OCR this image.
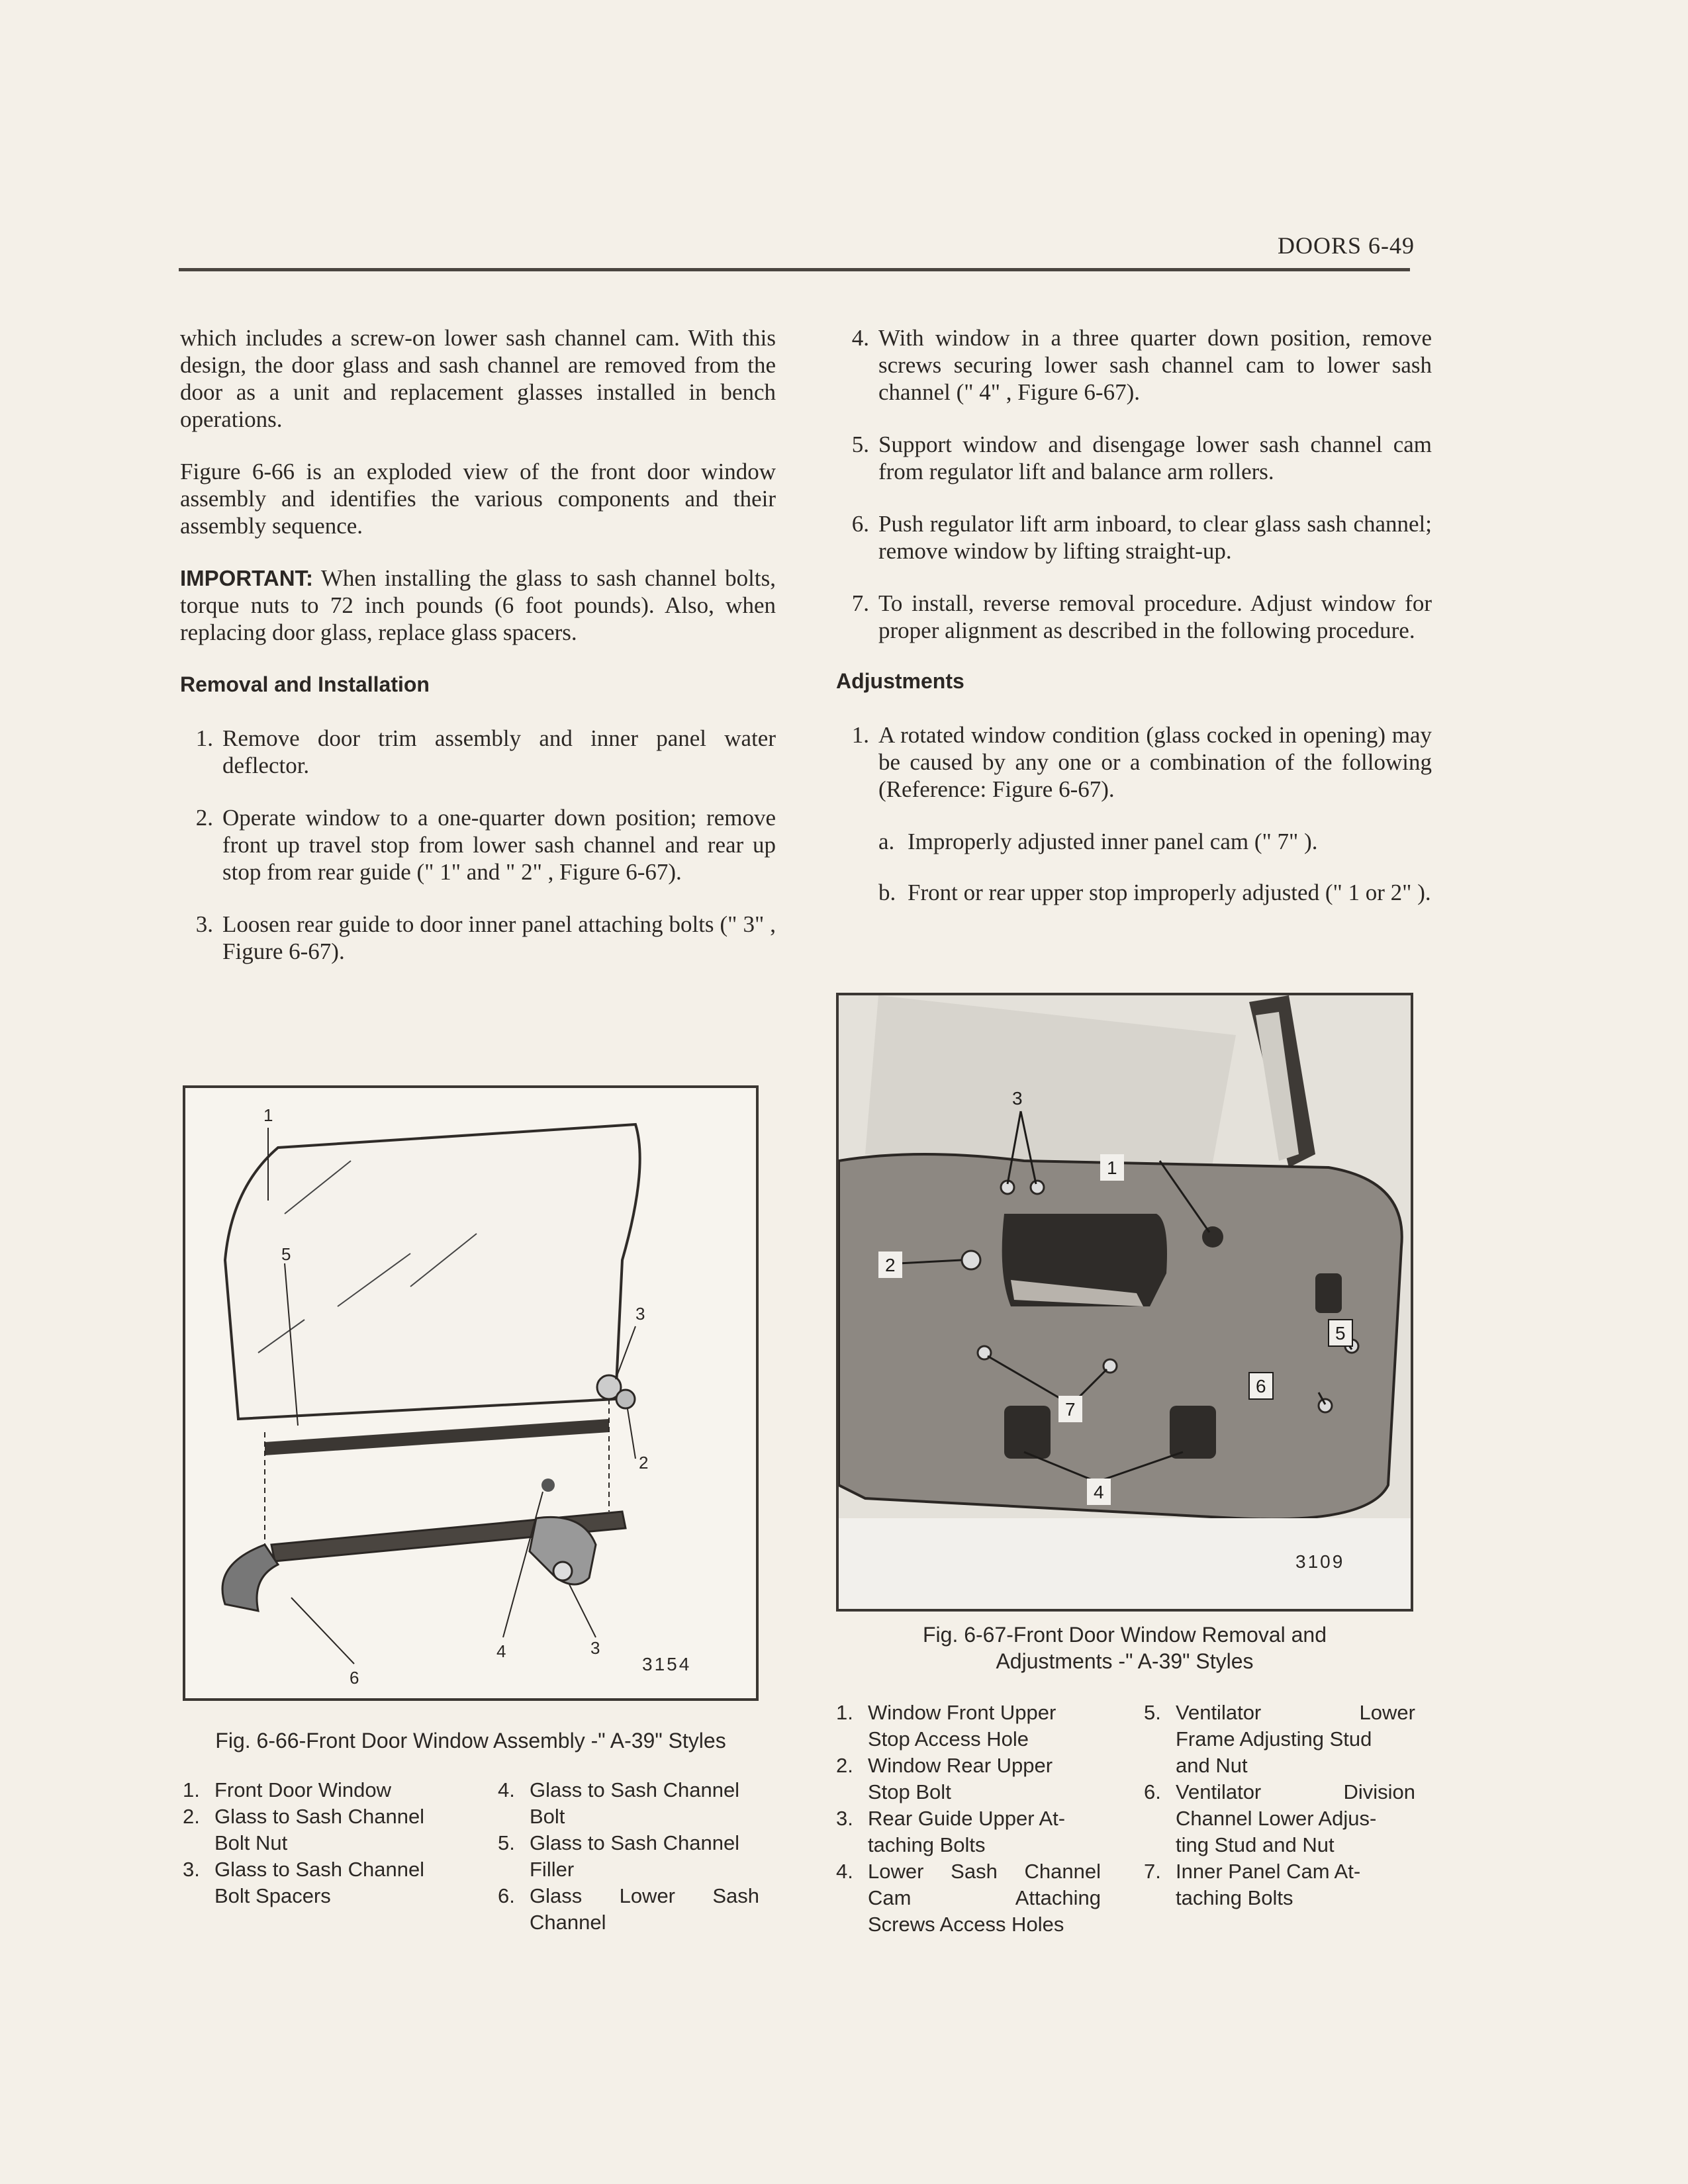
DOORS 6-49

which includes a screw-on lower sash channel cam. With this design, the door glass and sash channel are removed from the door as a unit and replacement glasses installed in bench operations.

Figure 6-66 is an exploded view of the front door window assembly and identifies the various components and their assembly sequence.

IMPORTANT: When installing the glass to sash channel bolts, torque nuts to 72 inch pounds (6 foot pounds). Also, when replacing door glass, replace glass spacers.

Removal and Installation
1. Remove door trim assembly and inner panel water deflector.
2. Operate window to a one-quarter down position; remove front up travel stop from lower sash channel and rear up stop from rear guide (" 1" and " 2" , Figure 6-67).
3. Loosen rear guide to door inner panel attaching bolts (" 3" , Figure 6-67).
4. With window in a three quarter down position, remove screws securing lower sash channel cam to lower sash channel (" 4" , Figure 6-67).
5. Support window and disengage lower sash channel cam from regulator lift and balance arm rollers.
6. Push regulator lift arm inboard, to clear glass sash channel; remove window by lifting straight-up.
7. To install, reverse removal procedure. Adjust window for proper alignment as described in the following procedure.
Adjustments
1. A rotated window condition (glass cocked in opening) may be caused by any one or a combination of the following (Reference: Figure 6-67).
a. Improperly adjusted inner panel cam (" 7" ).
b. Front or rear upper stop improperly adjusted (" 1 or 2" ).
1
2
3
3
4
5
6
3154
Fig. 6-66-Front Door Window Assembly -" A-39" Styles
1. Front Door Window
2. Glass to Sash Channel
Bolt Nut
3. Glass to Sash Channel
Bolt Spacers
4. Glass to Sash Channel
Bolt
5. Glass to Sash Channel
Filler
6. Glass Lower Sash
Channel
1
2
3
4
5
6
7
3109
Fig. 6-67-Front Door Window Removal and
Adjustments -" A-39" Styles
1. Window Front Upper
Stop Access Hole
2. Window Rear Upper
Stop Bolt
3. Rear Guide Upper At-
taching Bolts
4. Lower Sash Channel
Cam Attaching
Screws Access Holes
5. Ventilator Lower
Frame Adjusting Stud
and Nut
6. Ventilator Division
Channel Lower Adjus-
ting Stud and Nut
7. Inner Panel Cam At-
taching Bolts
